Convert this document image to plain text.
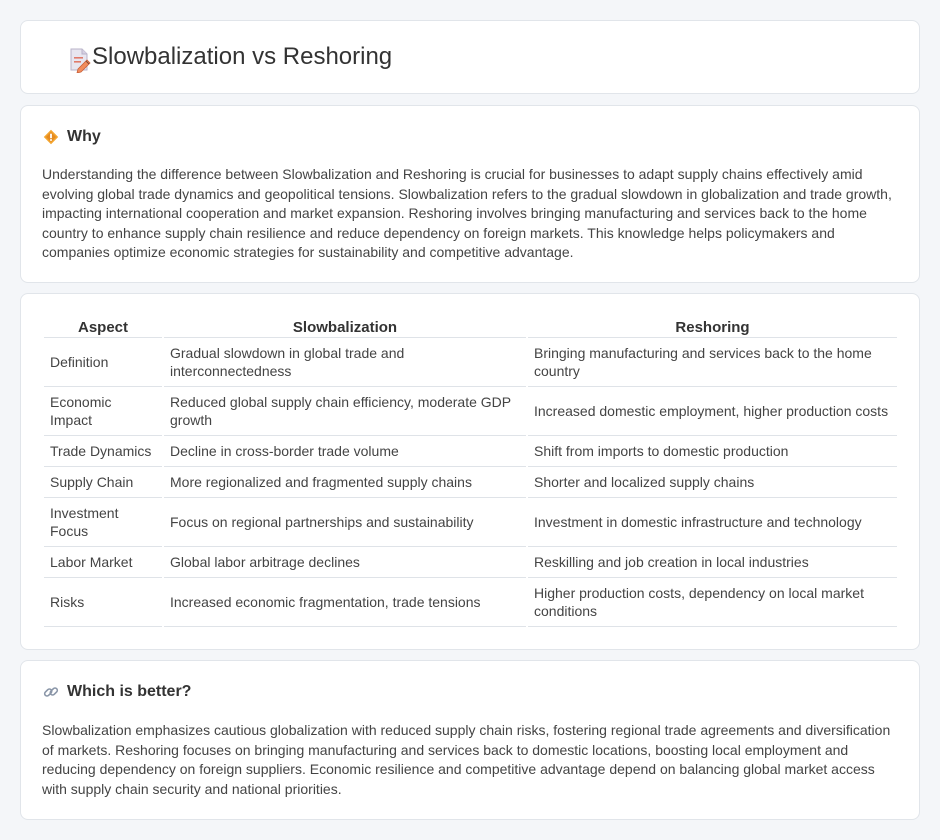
Slowbalization vs Reshoring
Why

Understanding the difference between Slowbalization and Reshoring is crucial for businesses to adapt supply chains effectively amid evolving global trade dynamics and geopolitical tensions. Slowbalization refers to the gradual slowdown in globalization and trade growth, impacting international cooperation and market expansion. Reshoring involves bringing manufacturing and services back to the home country to enhance supply chain resilience and reduce dependency on foreign markets. This knowledge helps policymakers and companies optimize economic strategies for sustainability and competitive advantage.

Aspect	Slowbalization	Reshoring
Definition	Gradual slowdown in global trade and interconnectedness	Bringing manufacturing and services back to the home country
Economic Impact	Reduced global supply chain efficiency, moderate GDP growth	Increased domestic employment, higher production costs
Trade Dynamics	Decline in cross-border trade volume	Shift from imports to domestic production
Supply Chain	More regionalized and fragmented supply chains	Shorter and localized supply chains
Investment Focus	Focus on regional partnerships and sustainability	Investment in domestic infrastructure and technology
Labor Market	Global labor arbitrage declines	Reskilling and job creation in local industries
Risks	Increased economic fragmentation, trade tensions	Higher production costs, dependency on local market conditions
Which is better?

Slowbalization emphasizes cautious globalization with reduced supply chain risks, fostering regional trade agreements and diversification of markets. Reshoring focuses on bringing manufacturing and services back to domestic locations, boosting local employment and reducing dependency on foreign suppliers. Economic resilience and competitive advantage depend on balancing global market access with supply chain security and national priorities.
